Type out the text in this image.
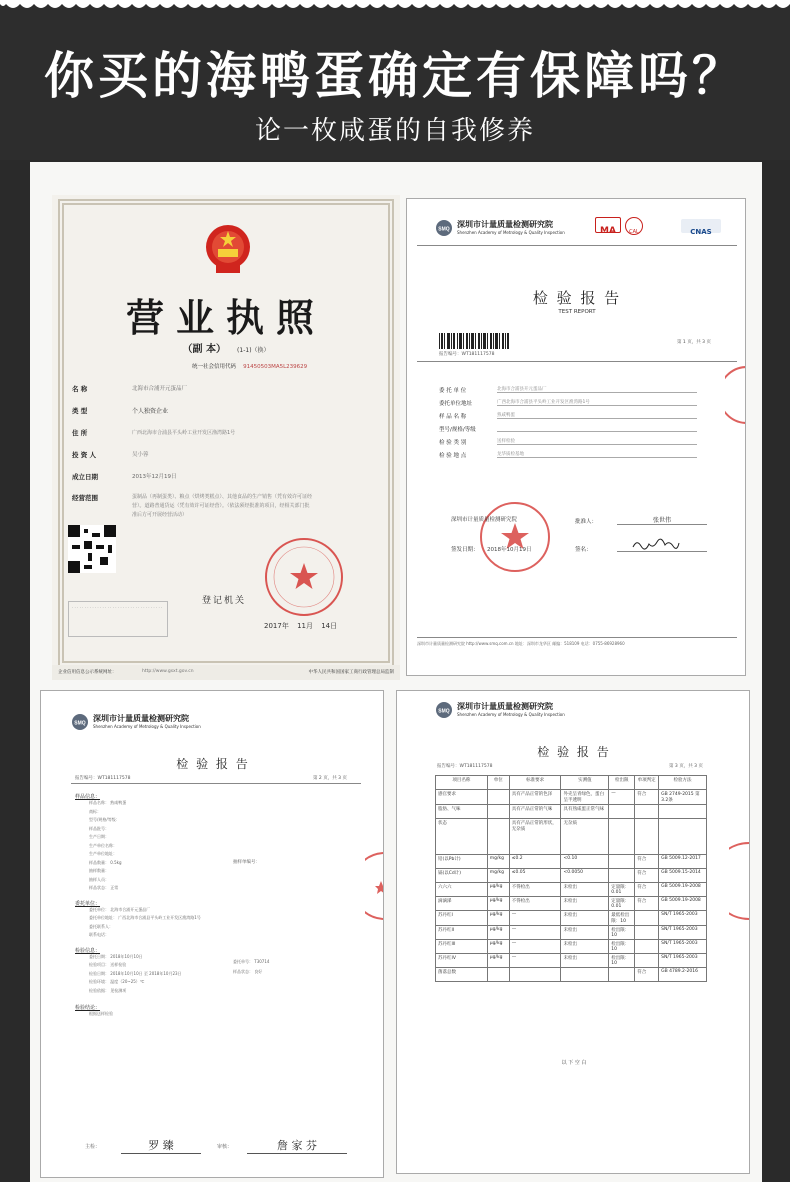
你买的海鸭蛋确定有保障吗？
论一枚咸蛋的自我修养
营业执照
（副 本） (1-1)（换）
统一社会信用代码 91450503MA5L239629
名 称	北海市合浦开元蛋品厂
类 型	个人独资企业
住 所	广西北海市合浦县平头岭工业开发区渔湾路1号
投 资 人	吴小蓉
成立日期	2013年12月19日
经营范围	蛋制品（再制蛋类）、粮点（烘烤类糕点）、其他食品的生产销售（凭有效许可证经营）。道路普通货运（凭有效许可证经营）。（依法须经批准的项目，经相关部门批准后方可开展经营活动）
· · · · · · · · · · · · · · · · · · · · · · · · · · · · · · · · · · · ·
登记机关
2017年 11月 14日
企业信用信息公示系统网址：	http://www.gsxt.gov.cn	中华人民共和国国家工商行政管理总局监制
SMQ
深圳市计量质量检测研究院
Shenzhen Academy of Metrology & Quality Inspection	MA	CAL	CNAS
检 验 报 告
TEST REPORT
报告编号：WT181117578
第 1 页，共 3 页
委 托 单 位	北海市合浦县开元蛋品厂
委托单位地址	广西北海市合浦县平头岭工业开发区渔湾路1号
样 品 名 称	熟咸鸭蛋
型号/规格/等级
检 验 类 别	送样检验
检 验 地 点	龙华质检基地
深圳市计量质量检测研究院	批准人：	张世伟
签名：
签发日期： 2018年10月19日
深圳市计量质量检测研究院 http://www.smq.com.cn 地址：深圳市龙华区 邮编：518109 电话：0755-86928960
SMQ
深圳市计量质量检测研究院
Shenzhen Academy of Metrology & Quality Inspection
检 验 报 告
报告编号：WT181117578	第 2 页，共 3 页
样品信息：
样品名称： 熟咸鸭蛋
商标：
型号/规格/等级：
样品批号：
生产日期：
生产单位名称：
生产单位地址：
样品数量： 0.5kg
抽样数量：
抽样人员：
样品状态： 正常
委托单位：
委托单位： 北海市合浦开元蛋品厂
委托单位地址： 广西北海市合浦县平头岭工业开发区渔湾路1号
委托联系人：
联系电话：
检验信息：
委托日期： 2018年10月10日
检验项目： 送样检验
检验日期： 2018年10月10日 至 2018年10月23日
检验环境： 温度（20~25）℃
检验依据： 见检测项
检验结论：
根据送样检验
抽样单编号：
委托单号： T30714
样品状态： 良好
主检：	罗 臻	审核：	詹 家 芬
SMQ
深圳市计量质量检测研究院
Shenzhen Academy of Metrology & Quality Inspection
检 验 报 告
报告编号：WT181117578	第 3 页，共 3 页
项目名称	单位	标准要求	实测值	检出限	单项判定	检验方法
感官要求		具有产品正常的色泽	外壳呈青绿色，蛋白呈半透明	—	符合	GB 2749-2015 第3.2条
脂肪、气味		具有产品正常的气味	具有熟咸蛋正常气味			
状态		具有产品正常的形状，无杂质	无杂质			
铅(以Pb计)	mg/kg	≤0.2	<0.10		符合	GB 5009.12-2017
镉(以Cd计)	mg/kg	≤0.05	<0.0050		符合	GB 5009.15-2014
六六六	μg/kg	不得检出	未检出	定量限：0.01	符合	GB 5009.19-2008
滴滴涕	μg/kg	不得检出	未检出	定量限：0.01	符合	GB 5009.19-2008
苏丹红I	μg/kg	—	未检出	最低检出限：10		SN/T 1965-2003
苏丹红II	μg/kg	—	未检出	检出限：10		SN/T 1965-2003
苏丹红III	μg/kg	—	未检出	检出限：10		SN/T 1965-2003
苏丹红IV	μg/kg	—	未检出	检出限：10		SN/T 1965-2003
菌落总数					符合	GB 4789.2-2016
以 下 空 白
